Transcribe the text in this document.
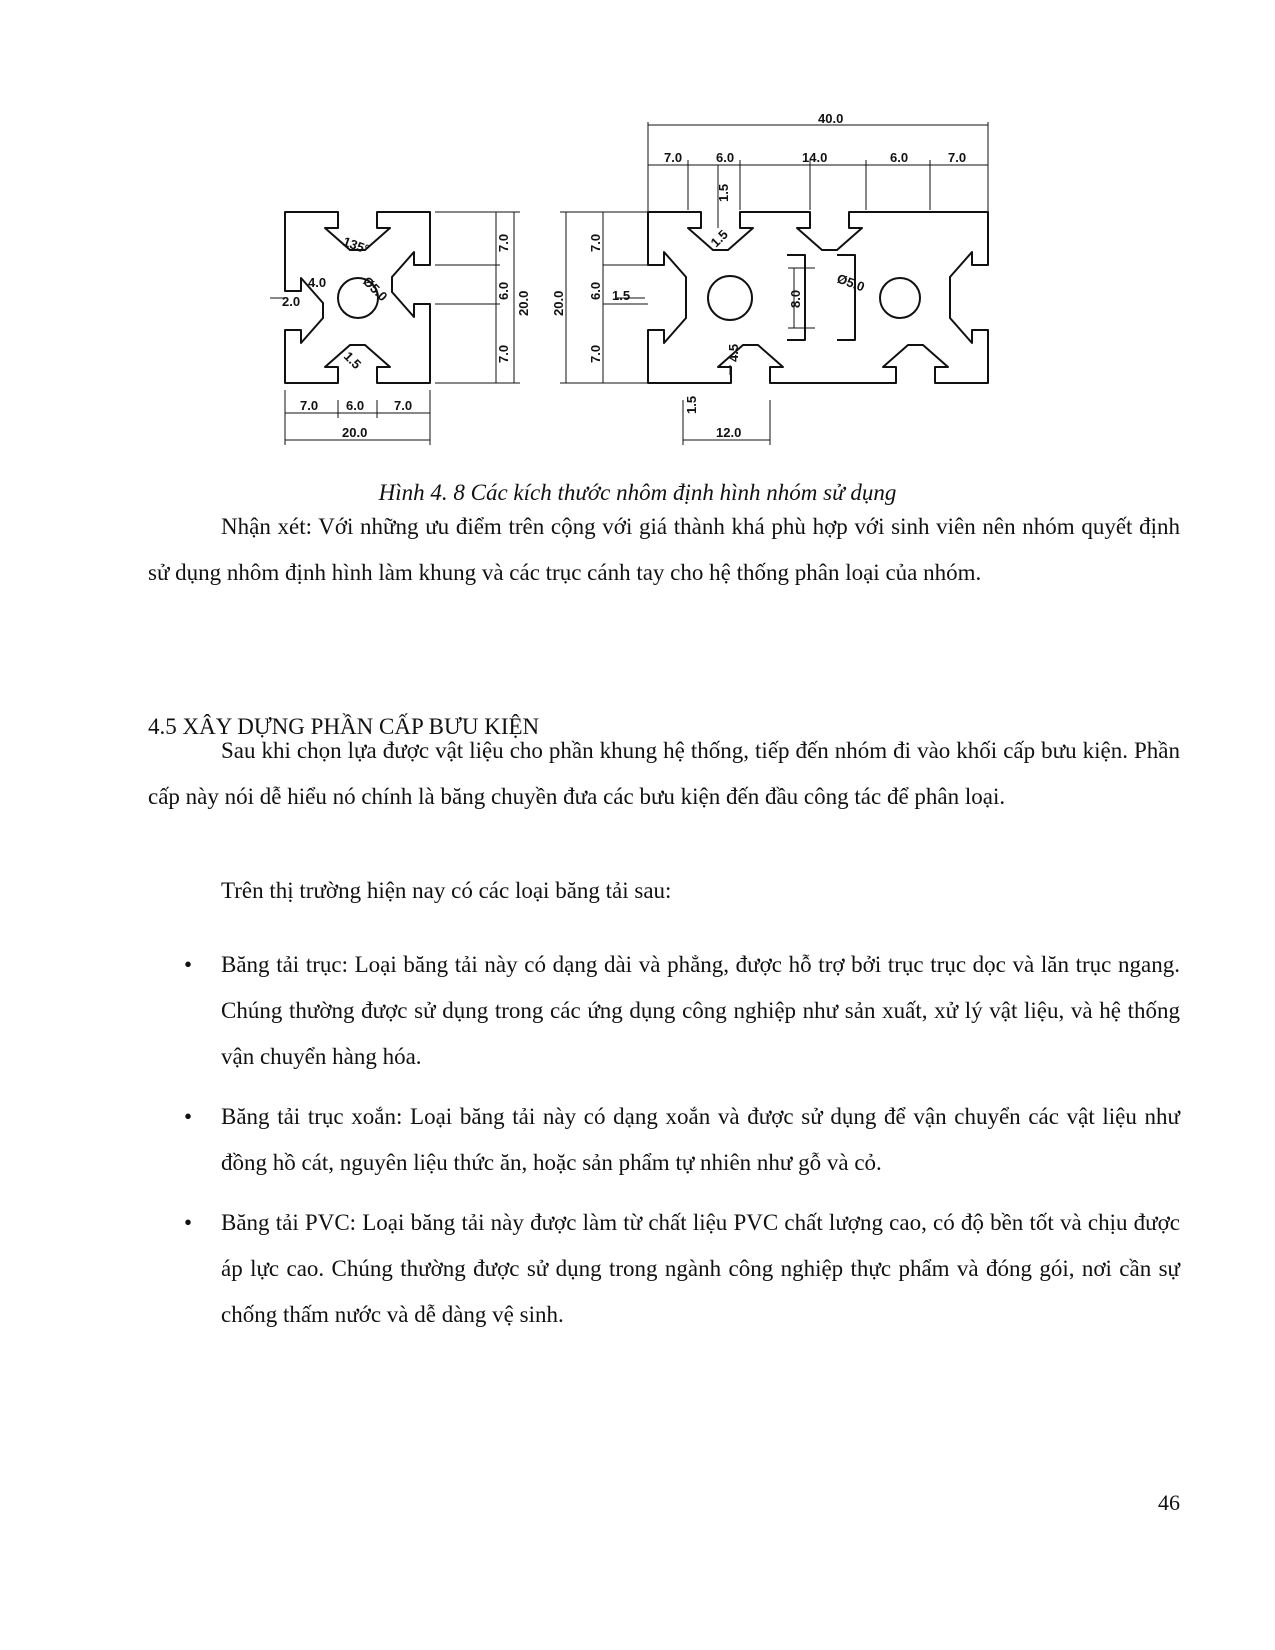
40.0
7.0	6.0	14.0	6.0	7.0
1.5
1.5
135°
4.0
2.0	Ø5.0
1.5
7.0
6.0
7.0
20.0 20.0
7.0
6.0
7.0
1.5	8.0
Ø5.0
4.5
1.5
12.0
7.0 6.0 7.0
20.0
Hình 4. 8 Các kích thước nhôm định hình nhóm sử dụng

Nhận xét: Với những ưu điểm trên cộng với giá thành khá phù hợp với sinh viên nên nhóm quyết định sử dụng nhôm định hình làm khung và các trục cánh tay cho hệ thống phân loại của nhóm.

4.5 XÂY DỰNG PHẦN CẤP BƯU KIỆN

Sau khi chọn lựa được vật liệu cho phần khung hệ thống, tiếp đến nhóm đi vào khối cấp bưu kiện. Phần cấp này nói dễ hiểu nó chính là băng chuyền đưa các bưu kiện đến đầu công tác để phân loại.

Trên thị trường hiện nay có các loại băng tải sau:

• Băng tải trục: Loại băng tải này có dạng dài và phẳng, được hỗ trợ bởi trục trục dọc và lăn trục ngang. Chúng thường được sử dụng trong các ứng dụng công nghiệp như sản xuất, xử lý vật liệu, và hệ thống vận chuyển hàng hóa.
• Băng tải trục xoắn: Loại băng tải này có dạng xoắn và được sử dụng để vận chuyển các vật liệu như đồng hồ cát, nguyên liệu thức ăn, hoặc sản phẩm tự nhiên như gỗ và cỏ.
• Băng tải PVC: Loại băng tải này được làm từ chất liệu PVC chất lượng cao, có độ bền tốt và chịu được áp lực cao. Chúng thường được sử dụng trong ngành công nghiệp thực phẩm và đóng gói, nơi cần sự chống thấm nước và dễ dàng vệ sinh.
46
